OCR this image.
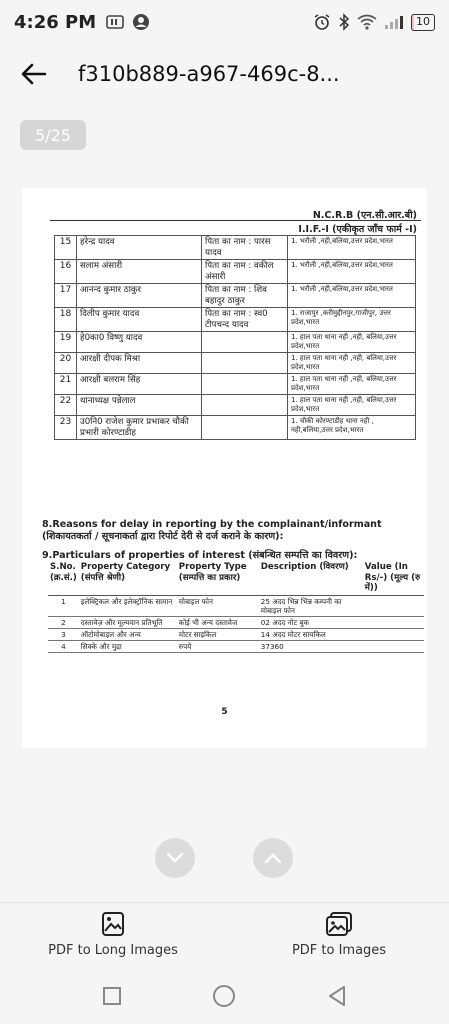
4:26 PM	10
f310b889-a967-469c-8...
5/25
N.C.R.B (एन.सी.आर.बी)
I.I.F.-I (एकीकृत जाँच फार्म -I)
15	हरेन्द्र यादव	पिता का नाम : पारस यादव	1. भरौली ,नही,बलिया,उत्तर प्रदेश,भारत
16	सलाम अंसारी	पिता का नाम : वकील अंसारी	1. भरौली ,नही,बलिया,उत्तर प्रदेश,भारत
17	आनन्द कुमार ठाकुर	पिता का नाम : शिव बहादुर ठाकुर	1. भरौली ,नही,बलिया,उत्तर प्रदेश,भारत
18	दिलीप कुमार यादव	पिता का नाम : स्व0 टीपचन्द यादव	1. राजापुर ,करीमुद्दीनपुर,गाजीपुर, उत्तर प्रदेश,भारत
19	हे0का0 विष्णु यादव		1. हाल पता थाना नही ,नही, बलिया,उत्तर प्रदेश,भारत
20	आरक्षी दीपक मिश्रा		1. हाल पता थाना नही ,नही, बलिया,उत्तर प्रदेश,भारत
21	आरक्षी बलराम सिंह		1. हाल पता थाना नही ,नही, बलिया,उत्तर प्रदेश,भारत
22	थानाध्यक्ष पन्नेलाल		1. हाल पता थाना नही ,नही, बलिया,उत्तर प्रदेश,भारत
23	उ0नि0 राजेश कुमार प्रभाकर चौकी प्रभारी कोरण्टाडीह		1. चौकी कोरण्टाडीह थाना नही , नही,बलिया,उत्तर प्रदेश,भारत
8.Reasons for delay in reporting by the complainant/informant
(शिकायतकर्ता / सूचनाकर्ता द्वारा रिपोर्ट देरी से दर्ज कराने के कारण):
9.Particulars of properties of interest (संबन्धित सम्पत्ति का विवरण):
S.No. (क्र.सं.)	Property Category (संपत्ति श्रेणी)	Property Type (सम्पत्ति का प्रकार)	Description (विवरण)	Value (In Rs/-) (मूल्य (रु में))
1	इलेक्ट्रिकल और इलेक्ट्रॉनिक सामान	मोबाइल फोन	25 अदद भिन्न भिन्न कम्पनी का मोबाइल फोन	
2	दस्तावेज़ और मूल्यवान प्रतिभूति	कोई भी अन्य दस्तावेज	02 अदद नोट बुक	
3	ऑटोमोबाइल और अन्य	मोटर साइकिल	14 अदद मोटर सायकिल	
4	सिक्के और मुद्रा	रुपये	37360	
5
PDF to Long Images	PDF to Images
